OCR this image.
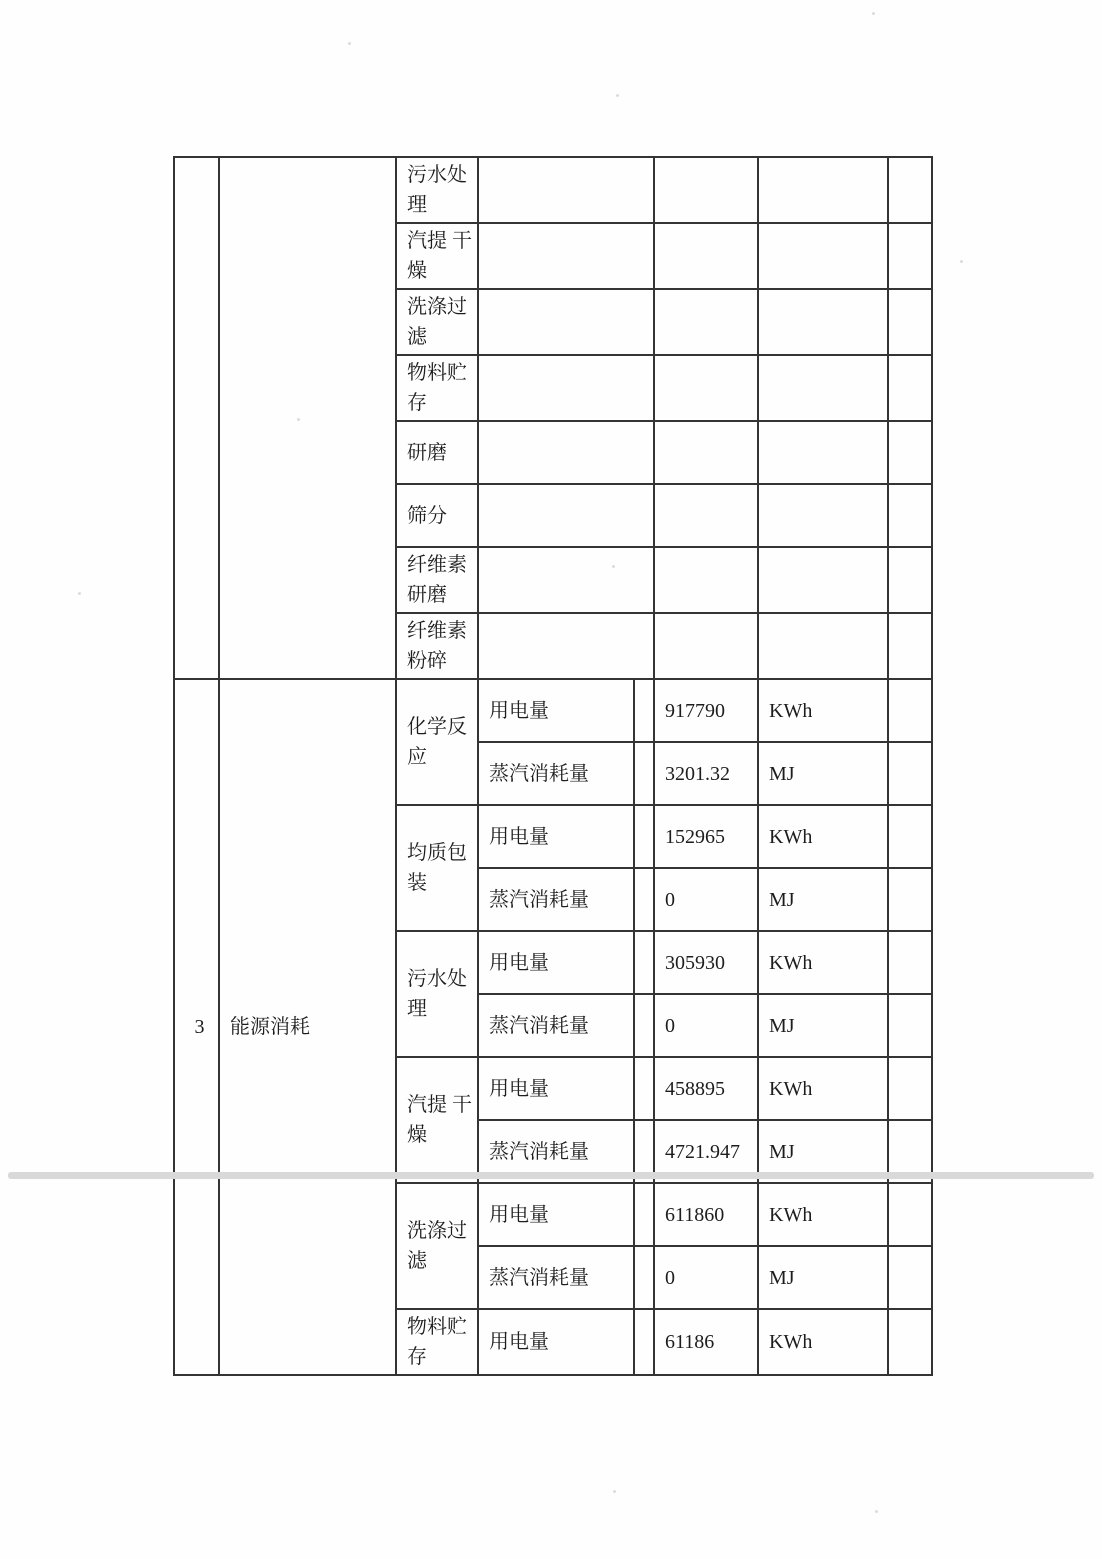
		污水处理					
		汽提 干燥					
		洗涤过滤					
		物料贮存					
		研磨					
		筛分					
		纤维素研磨					
		纤维素粉碎					
3	能源消耗	化学反应	用电量		917790	KWh	
			蒸汽消耗量		3201.32	MJ	
		均质包装	用电量		152965	KWh	
			蒸汽消耗量		0	MJ	
		污水处理	用电量		305930	KWh	
			蒸汽消耗量		0	MJ	
		汽提 干燥	用电量		458895	KWh	
			蒸汽消耗量		4721.947	MJ	
		洗涤过滤	用电量		611860	KWh	
			蒸汽消耗量		0	MJ	
		物料贮存	用电量		61186	KWh	
